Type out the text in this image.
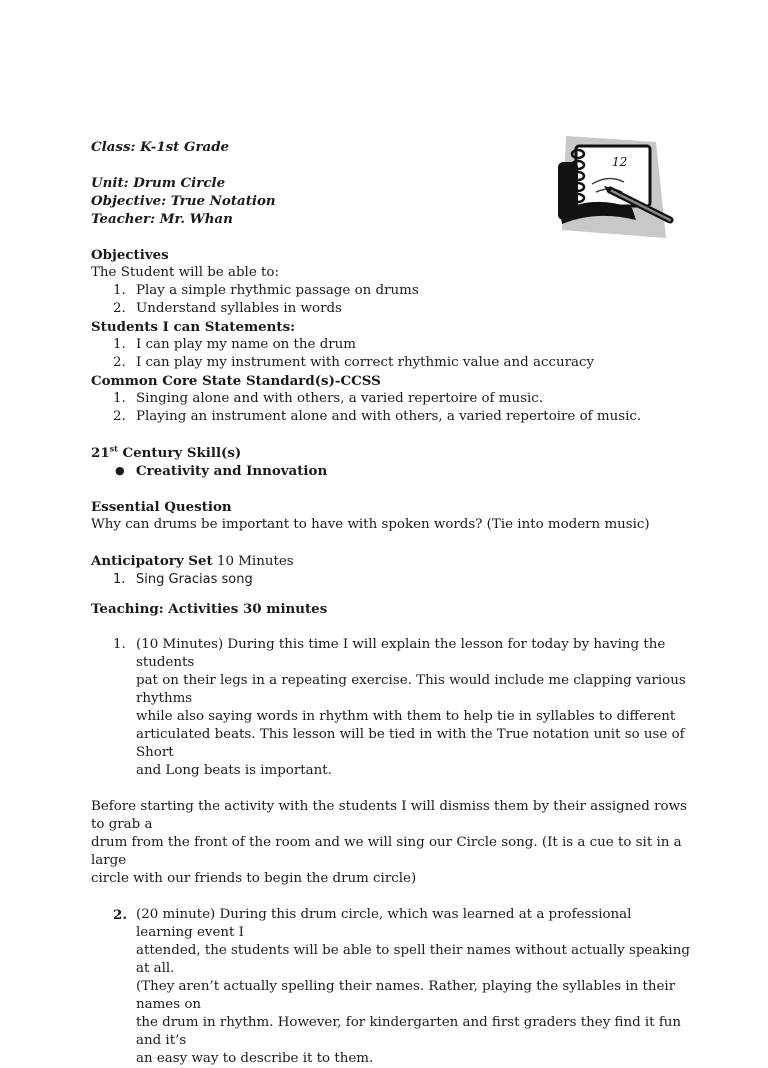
12
Class: K-1st Grade
Unit: Drum Circle
Objective: True Notation
Teacher: Mr. Whan
Objectives
The Student will be able to:
1. Play a simple rhythmic passage on drums
2. Understand syllables in words
Students I can Statements:
1. I can play my name on the drum
2. I can play my instrument with correct rhythmic value and accuracy
Common Core State Standard(s)-CCSS
1. Singing alone and with others, a varied repertoire of music.
2. Playing an instrument alone and with others, a varied repertoire of music.
21st Century Skill(s)
● Creativity and Innovation
Essential Question
Why can drums be important to have with spoken words? (Tie into modern music)
Anticipatory Set 10 Minutes
1. Sing Gracias song
Teaching: Activities 30 minutes
1. (10 Minutes) During this time I will explain the lesson for today by having the students
pat on their legs in a repeating exercise. This would include me clapping various rhythms
while also saying words in rhythm with them to help tie in syllables to different
articulated beats. This lesson will be tied in with the True notation unit so use of Short
and Long beats is important.
Before starting the activity with the students I will dismiss them by their assigned rows to grab a
drum from the front of the room and we will sing our Circle song. (It is a cue to sit in a large
circle with our friends to begin the drum circle)
2. (20 minute) During this drum circle, which was learned at a professional learning event I
attended, the students will be able to spell their names without actually speaking at all.
(They aren’t actually spelling their names. Rather, playing the syllables in their names on
the drum in rhythm. However, for kindergarten and first graders they find it fun and it’s
an easy way to describe it to them.
